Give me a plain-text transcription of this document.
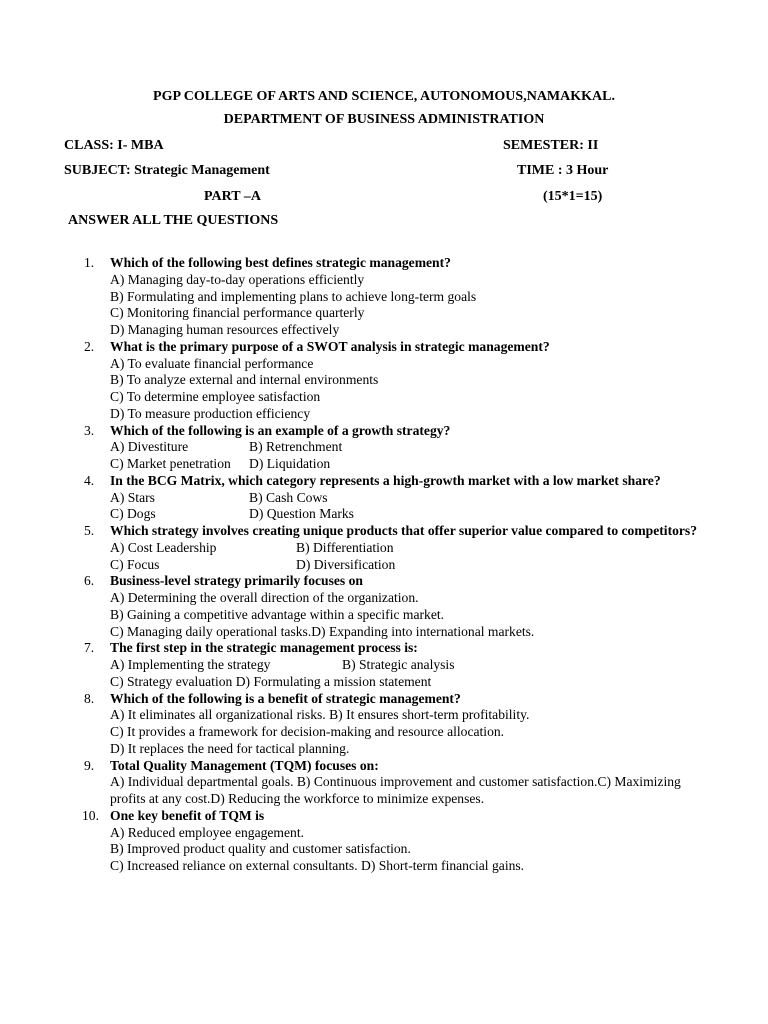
PGP COLLEGE OF ARTS AND SCIENCE, AUTONOMOUS,NAMAKKAL.
DEPARTMENT OF BUSINESS ADMINISTRATION
CLASS: I- MBA	SEMESTER: II
SUBJECT: Strategic Management	TIME : 3 Hour
PART –A	(15*1=15)
ANSWER ALL THE QUESTIONS
1. Which of the following best defines strategic management?
A) Managing day-to-day operations efficiently
B) Formulating and implementing plans to achieve long-term goals
C) Monitoring financial performance quarterly
D) Managing human resources effectively
2. What is the primary purpose of a SWOT analysis in strategic management?
A) To evaluate financial performance
B) To analyze external and internal environments
C) To determine employee satisfaction
D) To measure production efficiency
3. Which of the following is an example of a growth strategy?
A) Divestiture	B) Retrenchment
C) Market penetration D) Liquidation
4. In the BCG Matrix, which category represents a high-growth market with a low market share?
A) Stars	B) Cash Cows
C) Dogs	D) Question Marks
5. Which strategy involves creating unique products that offer superior value compared to competitors?
A) Cost Leadership	B) Differentiation
C) Focus	D) Diversification
6. Business-level strategy primarily focuses on
A) Determining the overall direction of the organization.
B) Gaining a competitive advantage within a specific market.
C) Managing daily operational tasks.D) Expanding into international markets.
7. The first step in the strategic management process is:
A) Implementing the strategy	B) Strategic analysis
C) Strategy evaluation D) Formulating a mission statement
8. Which of the following is a benefit of strategic management?
A) It eliminates all organizational risks. B) It ensures short-term profitability.
C) It provides a framework for decision-making and resource allocation.
D) It replaces the need for tactical planning.
9. Total Quality Management (TQM) focuses on:
A) Individual departmental goals. B) Continuous improvement and customer satisfaction.C) Maximizing profits at any cost.D) Reducing the workforce to minimize expenses.
10. One key benefit of TQM is
A) Reduced employee engagement.
B) Improved product quality and customer satisfaction.
C) Increased reliance on external consultants. D) Short-term financial gains.
